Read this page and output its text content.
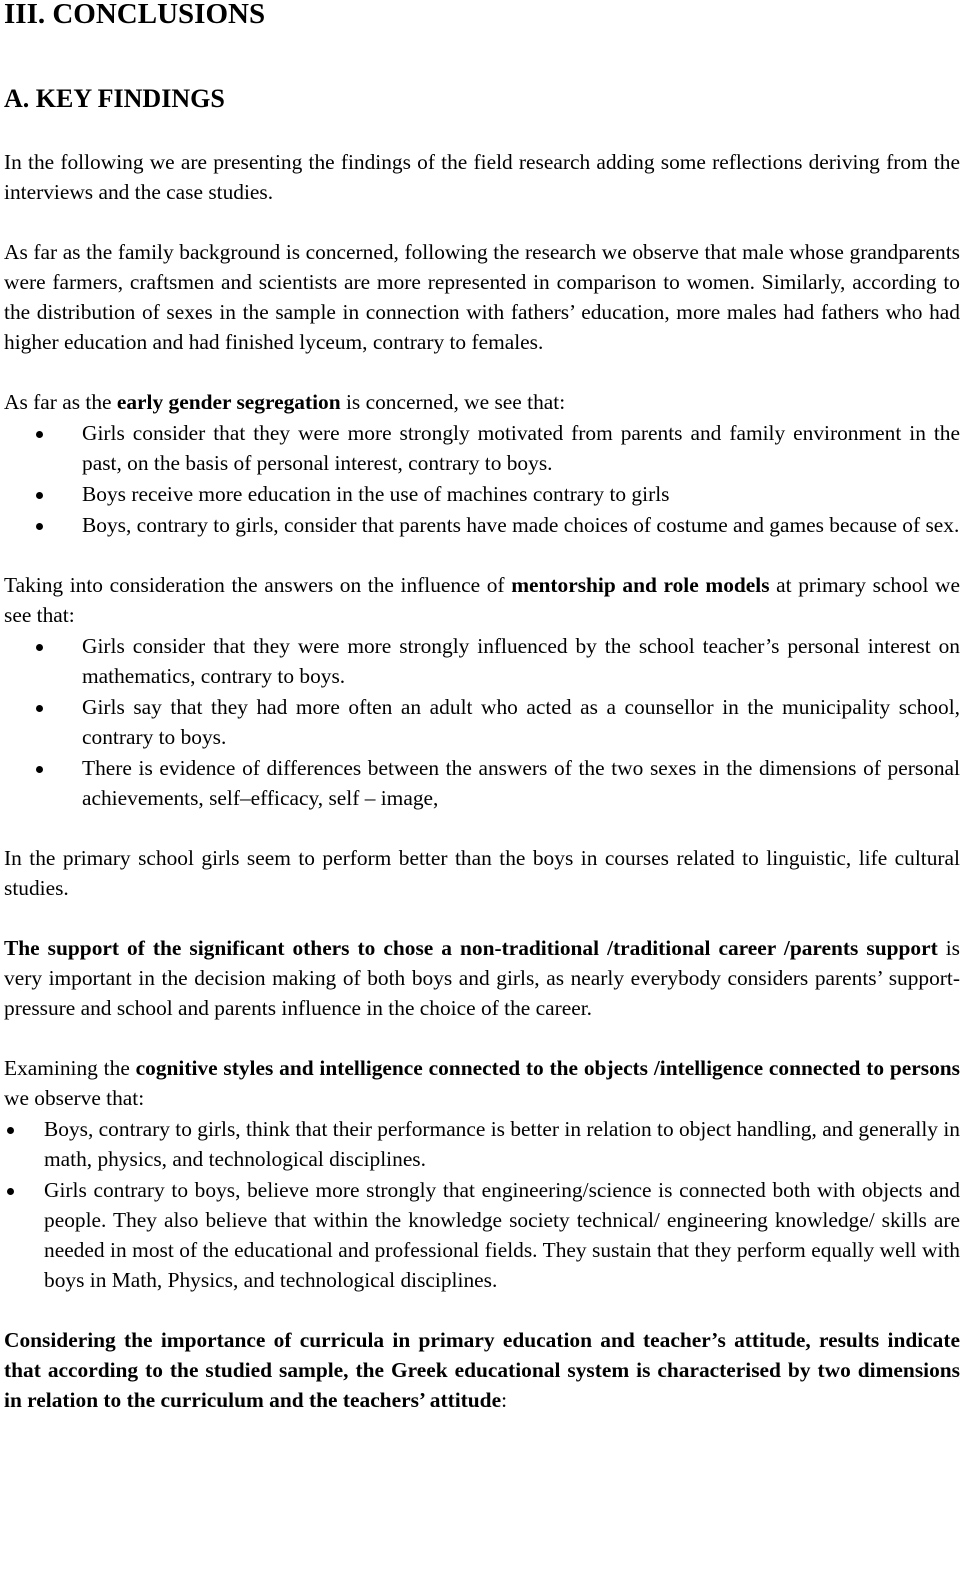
III. CONCLUSIONS
A. KEY FINDINGS

In the following we are presenting the findings of the field research adding some reflections deriving from the interviews and the case studies.

As far as the family background is concerned, following the research we observe that male whose grandparents were farmers, craftsmen and scientists are more represented in comparison to women. Similarly, according to the distribution of sexes in the sample in connection with fathers’ education, more males had fathers who had higher education and had finished lyceum, contrary to females.

As far as the early gender segregation is concerned, we see that:

Girls consider that they were more strongly motivated from parents and family environment in the past, on the basis of personal interest, contrary to boys.
Boys receive more education in the use of machines contrary to girls
Boys, contrary to girls, consider that parents have made choices of costume and games because of sex.

Taking into consideration the answers on the influence of mentorship and role models at primary school we see that:

Girls consider that they were more strongly influenced by the school teacher’s personal interest on mathematics, contrary to boys.
Girls say that they had more often an adult who acted as a counsellor in the municipality school, contrary to boys.
There is evidence of differences between the answers of the two sexes in the dimensions of personal achievements, self–efficacy, self – image,

In the primary school girls seem to perform better than the boys in courses related to linguistic, life cultural studies.

The support of the significant others to chose a non-traditional /traditional career /parents support is very important in the decision making of both boys and girls, as nearly everybody considers parents’ support-pressure and school and parents influence in the choice of the career.

Examining the cognitive styles and intelligence connected to the objects /intelligence connected to persons we observe that:

Boys, contrary to girls, think that their performance is better in relation to object handling, and generally in math, physics, and technological disciplines.
Girls contrary to boys, believe more strongly that engineering/science is connected both with objects and people. They also believe that within the knowledge society technical/ engineering knowledge/ skills are needed in most of the educational and professional fields. They sustain that they perform equally well with boys in Math, Physics, and technological disciplines.

Considering the importance of curricula in primary education and teacher’s attitude, results indicate that according to the studied sample, the Greek educational system is characterised by two dimensions in relation to the curriculum and the teachers’ attitude:
